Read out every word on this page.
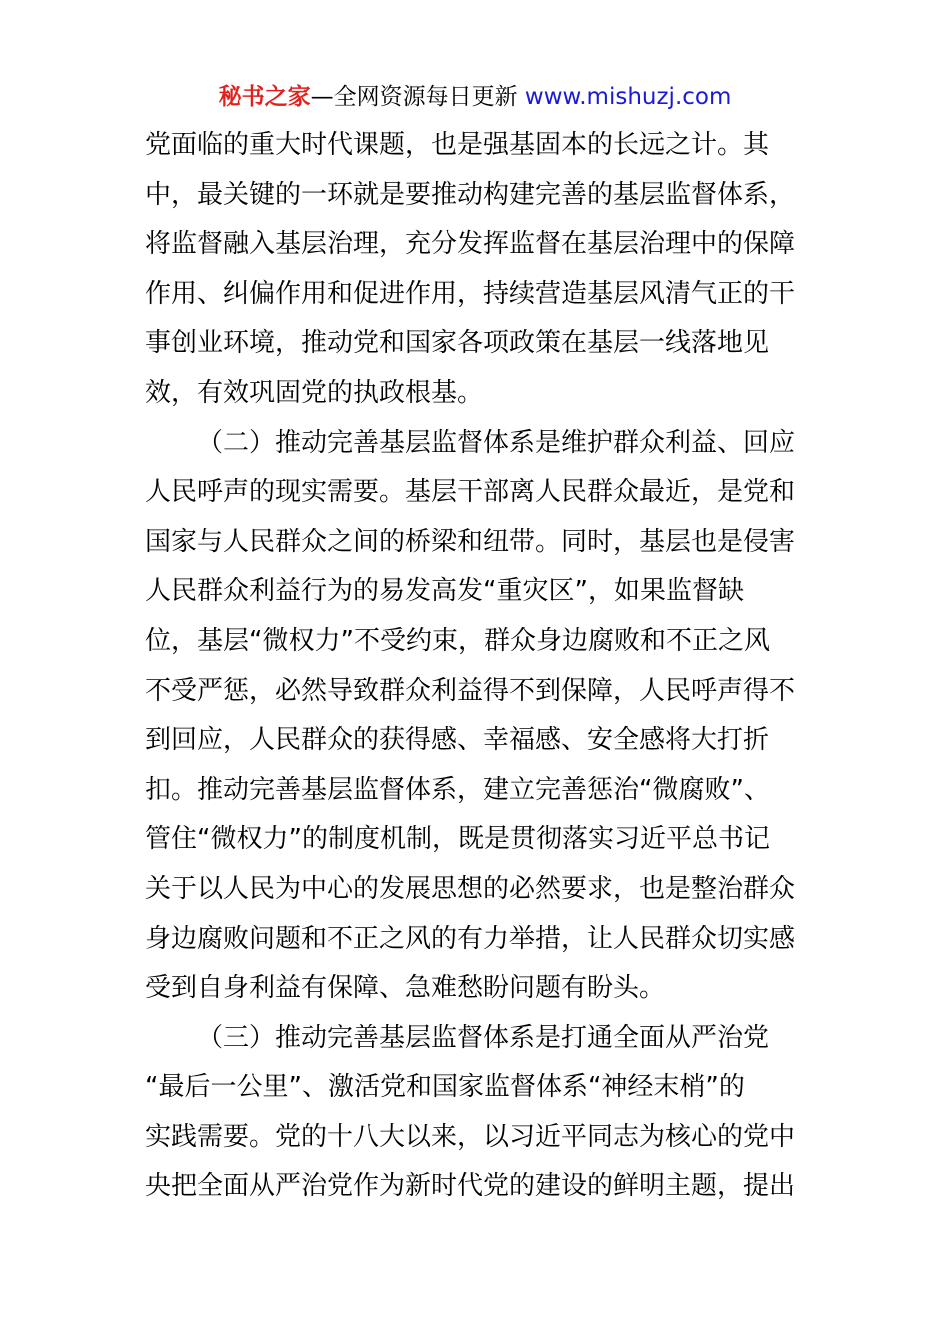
秘书之家—全网资源每日更新 www.mishuzj.com
党面临的重大时代课题，也是强基固本的长远之计。其
中，最关键的一环就是要推动构建完善的基层监督体系，
将监督融入基层治理，充分发挥监督在基层治理中的保障
作用、纠偏作用和促进作用，持续营造基层风清气正的干
事创业环境，推动党和国家各项政策在基层一线落地见
效，有效巩固党的执政根基。
（二）推动完善基层监督体系是维护群众利益、回应
人民呼声的现实需要。基层干部离人民群众最近，是党和
国家与人民群众之间的桥梁和纽带。同时，基层也是侵害
人民群众利益行为的易发高发“重灾区”，如果监督缺
位，基层“微权力”不受约束，群众身边腐败和不正之风
不受严惩，必然导致群众利益得不到保障，人民呼声得不
到回应，人民群众的获得感、幸福感、安全感将大打折
扣。推动完善基层监督体系，建立完善惩治“微腐败”、
管住“微权力”的制度机制，既是贯彻落实习近平总书记
关于以人民为中心的发展思想的必然要求，也是整治群众
身边腐败问题和不正之风的有力举措，让人民群众切实感
受到自身利益有保障、急难愁盼问题有盼头。
（三）推动完善基层监督体系是打通全面从严治党
“最后一公里”、激活党和国家监督体系“神经末梢”的
实践需要。党的十八大以来，以习近平同志为核心的党中
央把全面从严治党作为新时代党的建设的鲜明主题，提出
